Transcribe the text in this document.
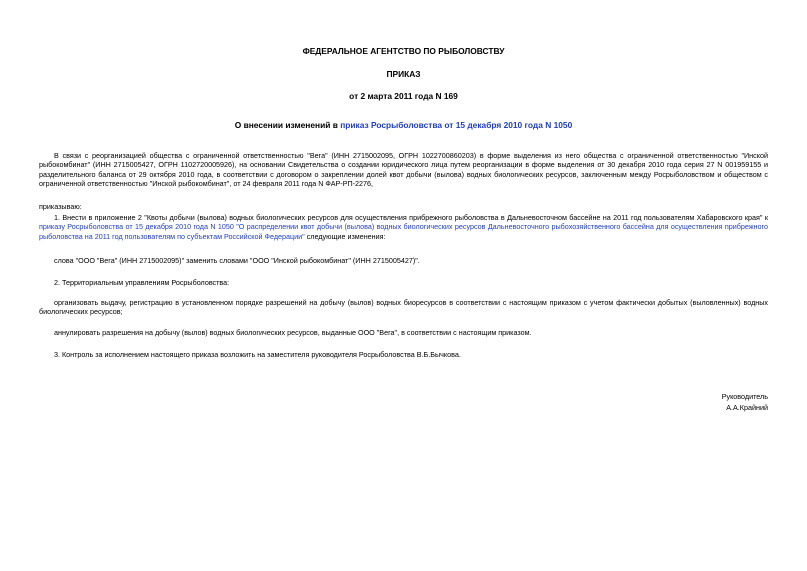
ФЕДЕРАЛЬНОЕ АГЕНТСТВО ПО РЫБОЛОВСТВУ
ПРИКАЗ
от 2 марта 2011 года N 169
О внесении изменений в приказ Росрыболовства от 15 декабря 2010 года N 1050
В связи с реорганизацией общества с ограниченной ответственностью "Вега" (ИНН 2715002095, ОГРН 1022700860203) в форме выделения из него общества с ограниченной ответственностью "Инской рыбокомбинат" (ИНН 2715005427, ОГРН 1102720005926), на основании Свидетельства о создании юридического лица путем реорганизации в форме выделения от 30 декабря 2010 года серия 27 N 001959155 и разделительного баланса от 29 октября 2010 года, в соответствии с договором о закреплении долей квот добычи (вылова) водных биологических ресурсов, заключенным между Росрыболовством и обществом с ограниченной ответственностью "Инской рыбокомбинат", от 24 февраля 2011 года N ФАР-РП-2276,
приказываю:
1. Внести в приложение 2 "Квоты добычи (вылова) водных биологических ресурсов для осуществления прибрежного рыболовства в Дальневосточном бассейне на 2011 год пользователям Хабаровского края" к приказу Росрыболовства от 15 декабря 2010 года N 1050 "О распределении квот добычи (вылова) водных биологических ресурсов Дальневосточного рыбохозяйственного бассейна для осуществления прибрежного рыболовства на 2011 год пользователям по субъектам Российской Федерации" следующие изменения:
слова "ООО "Вега" (ИНН 2715002095)" заменить словами "ООО "Инской рыбокомбинат" (ИНН 2715005427)".
2. Территориальным управлениям Росрыболовства:
организовать выдачу, регистрацию в установленном порядке разрешений на добычу (вылов) водных биоресурсов в соответствии с настоящим приказом с учетом фактически добытых (выловленных) водных биологических ресурсов;
аннулировать разрешения на добычу (вылов) водных биологических ресурсов, выданные ООО "Вега", в соответствии с настоящим приказом.
3. Контроль за исполнением настоящего приказа возложить на заместителя руководителя Росрыболовства В.Б.Бычкова.
Руководитель
А.А.Крайний
